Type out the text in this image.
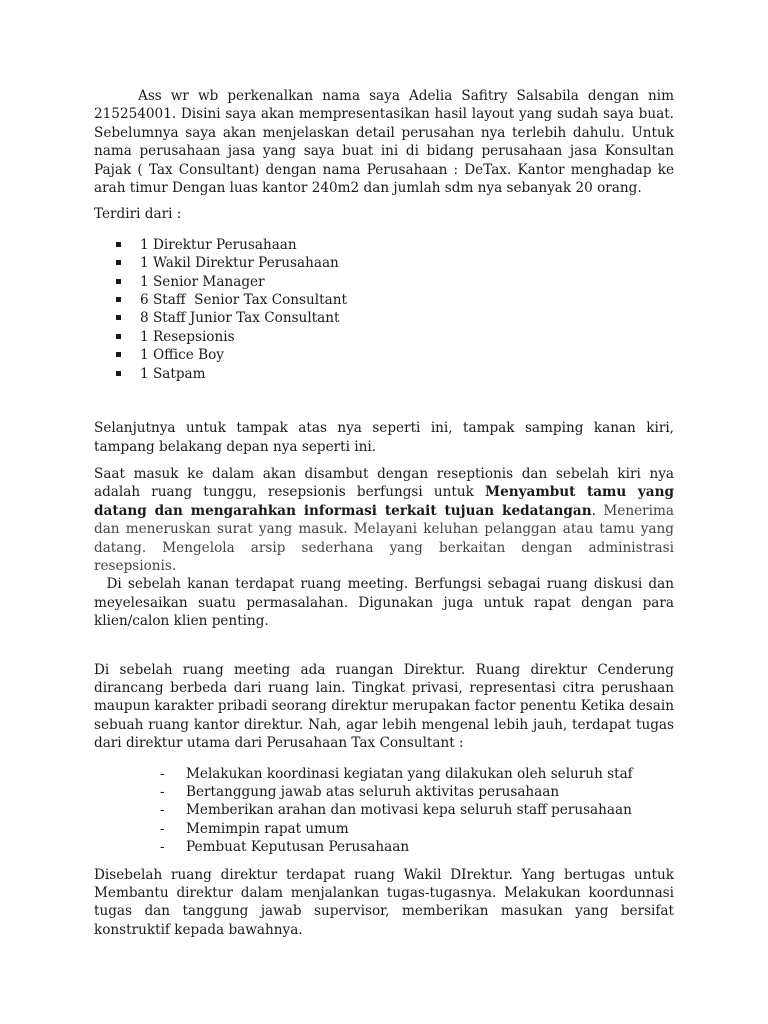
Ass wr wb perkenalkan nama saya Adelia Safitry Salsabila dengan nim 215254001. Disini saya akan mempresentasikan hasil layout yang sudah saya buat. Sebelumnya saya akan menjelaskan detail perusahan nya terlebih dahulu. Untuk nama perusahaan jasa yang saya buat ini di bidang perusahaan jasa Konsultan Pajak ( Tax Consultant) dengan nama Perusahaan : DeTax. Kantor menghadap ke arah timur Dengan luas kantor 240m2 dan jumlah sdm nya sebanyak 20 orang.

Terdiri dari :

1 Direktur Perusahaan
1 Wakil Direktur Perusahaan
1 Senior Manager
6 Staff  Senior Tax Consultant
8 Staff Junior Tax Consultant
1 Resepsionis
1 Office Boy
1 Satpam

Selanjutnya untuk tampak atas nya seperti ini, tampak samping kanan kiri, tampang belakang depan nya seperti ini.

Saat masuk ke dalam akan disambut dengan reseptionis dan sebelah kiri nya adalah ruang tunggu, resepsionis berfungsi untuk Menyambut tamu yang datang dan mengarahkan informasi terkait tujuan kedatangan. Menerima dan meneruskan surat yang masuk. Melayani keluhan pelanggan atau tamu yang datang. Mengelola arsip sederhana yang berkaitan dengan administrasi resepsionis.

Di sebelah kanan terdapat ruang meeting. Berfungsi sebagai ruang diskusi dan meyelesaikan suatu permasalahan. Digunakan juga untuk rapat dengan para klien/calon klien penting.

Di sebelah ruang meeting ada ruangan Direktur. Ruang direktur Cenderung dirancang berbeda dari ruang lain. Tingkat privasi, representasi citra perushaan maupun karakter pribadi seorang direktur merupakan factor penentu Ketika desain sebuah ruang kantor direktur. Nah, agar lebih mengenal lebih jauh, terdapat tugas dari direktur utama dari Perusahaan Tax Consultant :

- Melakukan koordinasi kegiatan yang dilakukan oleh seluruh staf
- Bertanggung jawab atas seluruh aktivitas perusahaan
- Memberikan arahan dan motivasi kepa seluruh staff perusahaan
- Memimpin rapat umum
- Pembuat Keputusan Perusahaan

Disebelah ruang direktur terdapat ruang Wakil DIrektur. Yang bertugas untuk Membantu direktur dalam menjalankan tugas-tugasnya. Melakukan koordunnasi tugas dan tanggung jawab supervisor, memberikan masukan yang bersifat konstruktif kepada bawahnya.
